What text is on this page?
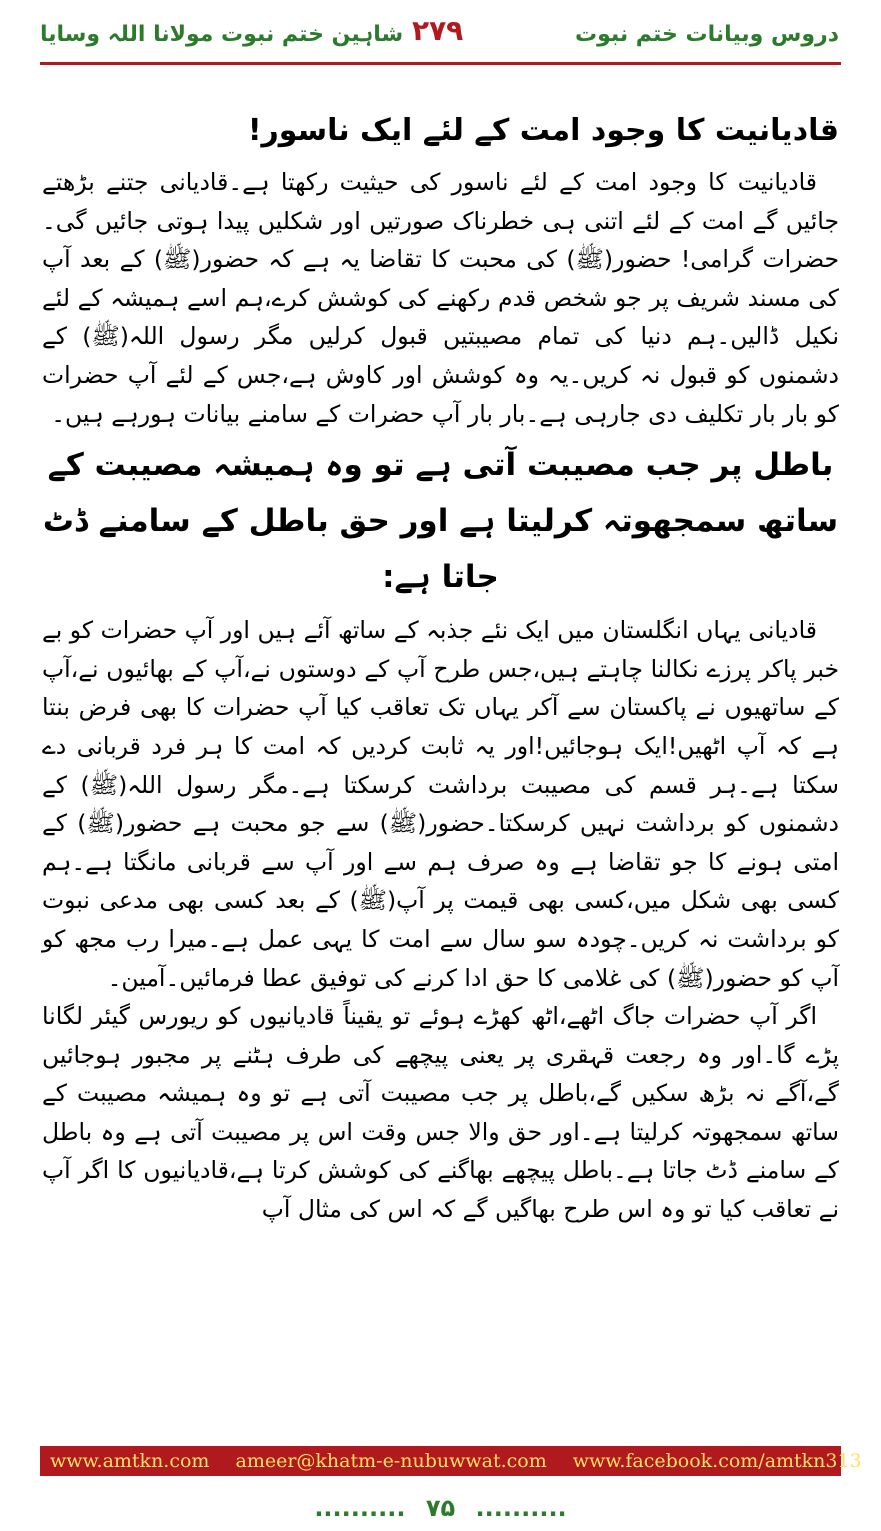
شاہین ختم نبوت مولانا اللہ وسایا ۲۷۹	دروس وبیانات ختم نبوت
قادیانیت کا وجود امت کے لئے ایک ناسور!

قادیانیت کا وجود امت کے لئے ناسور کی حیثیت رکھتا ہے۔قادیانی جتنے بڑھتے جائیں گے امت کے لئے اتنی ہی خطرناک صورتیں اور شکلیں پیدا ہوتی جائیں گی۔حضرات گرامی! حضور(ﷺ) کی محبت کا تقاضا یہ ہے کہ حضور(ﷺ) کے بعد آپ کی مسند شریف پر جو شخص قدم رکھنے کی کوشش کرے،ہم اسے ہمیشہ کے لئے نکیل ڈالیں۔ہم دنیا کی تمام مصیبتیں قبول کرلیں مگر رسول اللہ(ﷺ) کے دشمنوں کو قبول نہ کریں۔یہ وہ کوشش اور کاوش ہے،جس کے لئے آپ حضرات کو بار بار تکلیف دی جارہی ہے۔بار بار آپ حضرات کے سامنے بیانات ہورہے ہیں۔

باطل پر جب مصیبت آتی ہے تو وہ ہمیشہ مصیبت کے ساتھ سمجھوتہ کرلیتا ہے اور حق باطل کے سامنے ڈٹ جاتا ہے:

قادیانی یہاں انگلستان میں ایک نئے جذبہ کے ساتھ آئے ہیں اور آپ حضرات کو بے خبر پاکر پرزے نکالنا چاہتے ہیں،جس طرح آپ کے دوستوں نے،آپ کے بھائیوں نے،آپ کے ساتھیوں نے پاکستان سے آکر یہاں تک تعاقب کیا آپ حضرات کا بھی فرض بنتا ہے کہ آپ اٹھیں!ایک ہوجائیں!اور یہ ثابت کردیں کہ امت کا ہر فرد قربانی دے سکتا ہے۔ہر قسم کی مصیبت برداشت کرسکتا ہے۔مگر رسول اللہ(ﷺ) کے دشمنوں کو برداشت نہیں کرسکتا۔حضور(ﷺ) سے جو محبت ہے حضور(ﷺ) کے امتی ہونے کا جو تقاضا ہے وہ صرف ہم سے اور آپ سے قربانی مانگتا ہے۔ہم کسی بھی شکل میں،کسی بھی قیمت پر آپ(ﷺ) کے بعد کسی بھی مدعی نبوت کو برداشت نہ کریں۔چودہ سو سال سے امت کا یہی عمل ہے۔میرا رب مجھ کو آپ کو حضور(ﷺ) کی غلامی کا حق ادا کرنے کی توفیق عطا فرمائیں۔آمین۔

اگر آپ حضرات جاگ اٹھے،اٹھ کھڑے ہوئے تو یقیناً قادیانیوں کو ریورس گیئر لگانا پڑے گا۔اور وہ رجعت قہقری پر یعنی پیچھے کی طرف ہٹنے پر مجبور ہوجائیں گے،آگے نہ بڑھ سکیں گے،باطل پر جب مصیبت آتی ہے تو وہ ہمیشہ مصیبت کے ساتھ سمجھوتہ کرلیتا ہے۔اور حق والا جس وقت اس پر مصیبت آتی ہے وہ باطل کے سامنے ڈٹ جاتا ہے۔باطل پیچھے بھاگنے کی کوشش کرتا ہے،قادیانیوں کا اگر آپ نے تعاقب کیا تو وہ اس طرح بھاگیں گے کہ اس کی مثال آپ

www.amtkn.com ameer@khatm-e-nubuwwat.com www.facebook.com/amtkn313
.......... ۷۵ ..........
